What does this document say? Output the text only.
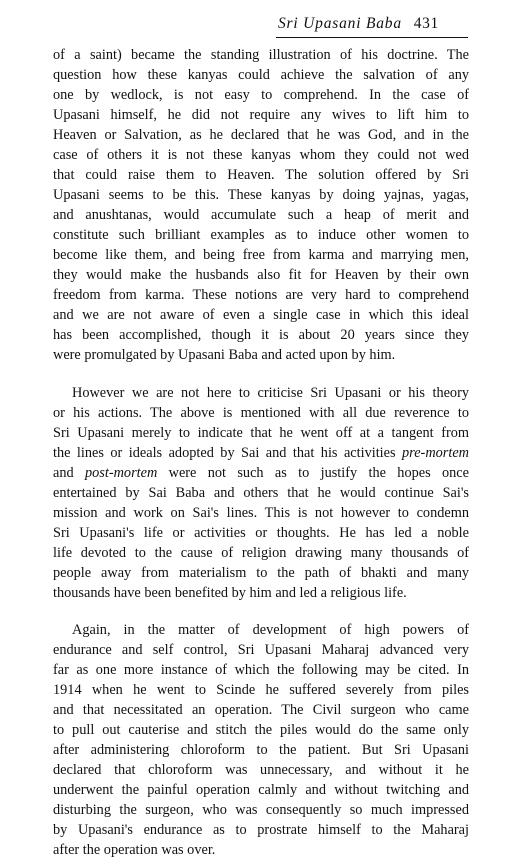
Sri Upasani Baba 431
of a saint) became the standing illustration of his doctrine. The
question how these kanyas could achieve the salvation of any
one by wedlock, is not easy to comprehend. In the case of
Upasani himself, he did not require any wives to lift him to
Heaven or Salvation, as he declared that he was God, and in the
case of others it is not these kanyas whom they could not wed
that could raise them to Heaven. The solution offered by Sri
Upasani seems to be this. These kanyas by doing yajnas, yagas,
and anushtanas, would accumulate such a heap of merit and
constitute such brilliant examples as to induce other women to
become like them, and being free from karma and marrying men,
they would make the husbands also fit for Heaven by their own
freedom from karma. These notions are very hard to comprehend
and we are not aware of even a single case in which this ideal
has been accomplished, though it is about 20 years since they
were promulgated by Upasani Baba and acted upon by him.
However we are not here to criticise Sri Upasani or his theory
or his actions. The above is mentioned with all due reverence to
Sri Upasani merely to indicate that he went off at a tangent from
the lines or ideals adopted by Sai and that his activities pre-mortem
and post-mortem were not such as to justify the hopes once
entertained by Sai Baba and others that he would continue Sai's
mission and work on Sai's lines. This is not however to condemn
Sri Upasani's life or activities or thoughts. He has led a noble
life devoted to the cause of religion drawing many thousands of
people away from materialism to the path of bhakti and many
thousands have been benefited by him and led a religious life.
Again, in the matter of development of high powers of
endurance and self control, Sri Upasani Maharaj advanced very
far as one more instance of which the following may be cited. In
1914 when he went to Scinde he suffered severely from piles
and that necessitated an operation. The Civil surgeon who came
to pull out cauterise and stitch the piles would do the same only
after administering chloroform to the patient. But Sri Upasani
declared that chloroform was unnecessary, and without it he
underwent the painful operation calmly and without twitching and
disturbing the surgeon, who was consequently so much impressed
by Upasani's endurance as to prostrate himself to the Maharaj
after the operation was over.
